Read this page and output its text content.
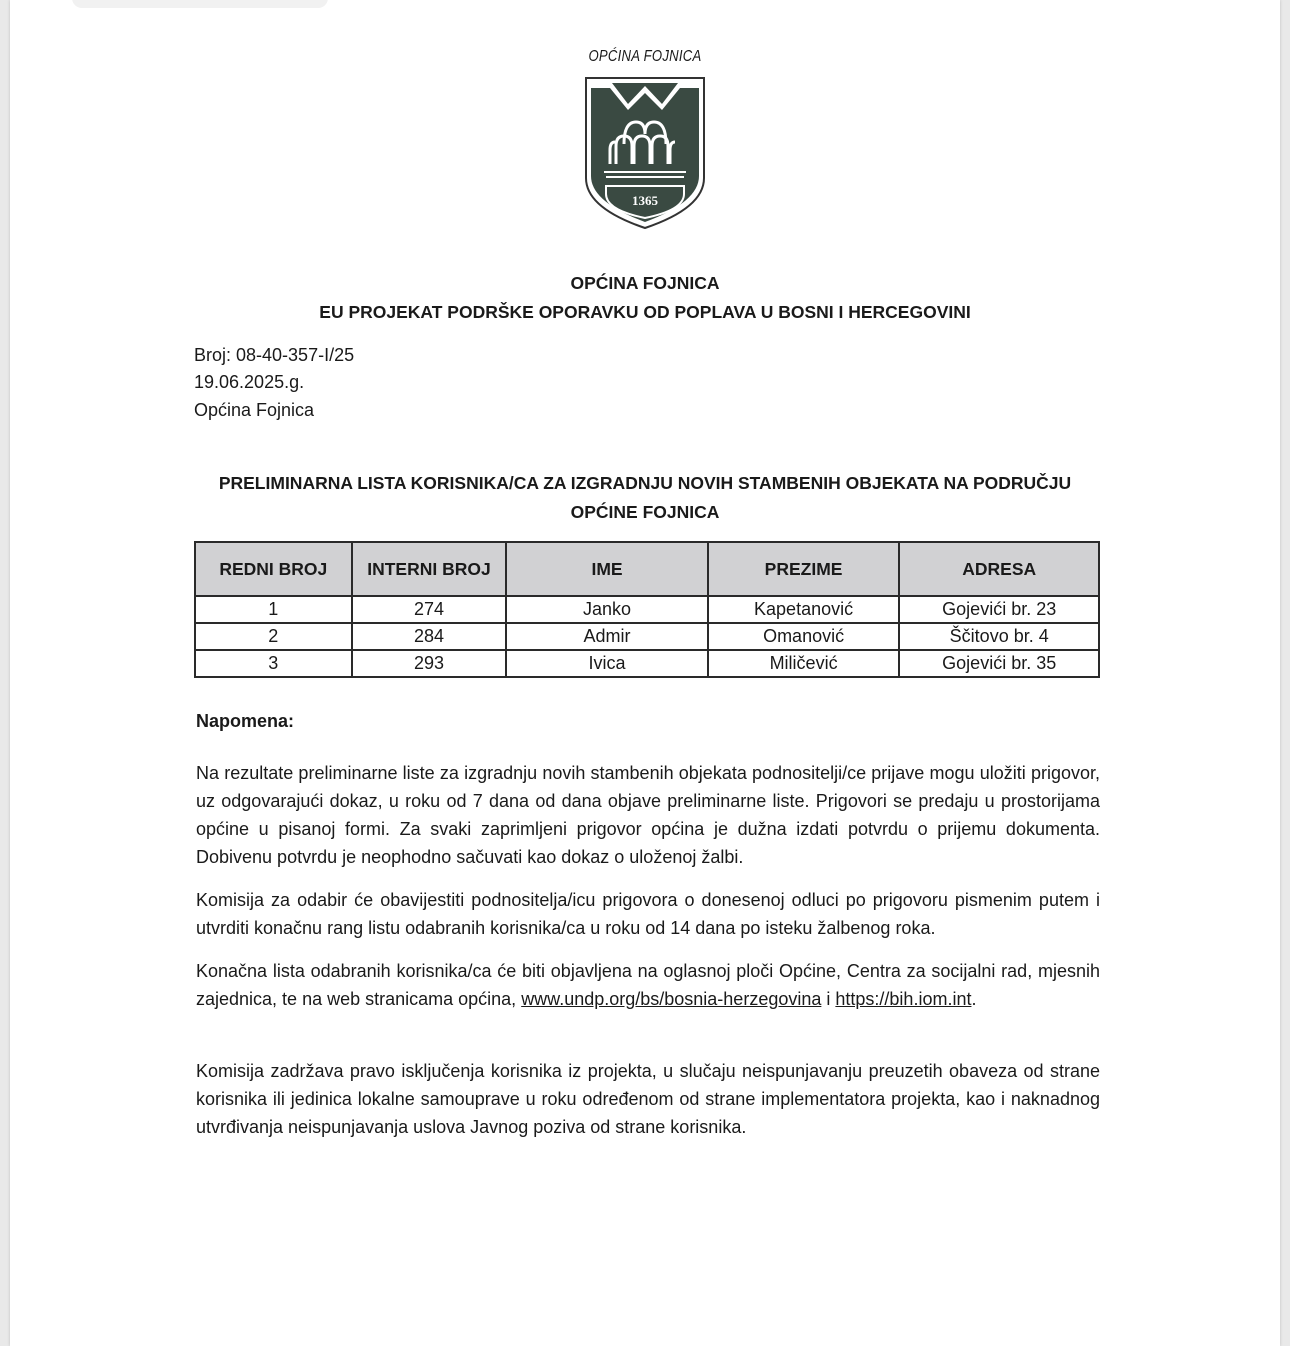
OPĆINA FOJNICA
1365
OPĆINA FOJNICA
EU PROJEKAT PODRŠKE OPORAVKU OD POPLAVA U BOSNI I HERCEGOVINI
Broj: 08-40-357-I/25
19.06.2025.g.
Općina Fojnica
PRELIMINARNA LISTA KORISNIKA/CA ZA IZGRADNJU NOVIH STAMBENIH OBJEKATA NA PODRUČJU
OPĆINE FOJNICA
REDNI BROJ	INTERNI BROJ	IME	PREZIME	ADRESA
1	274	Janko	Kapetanović	Gojevići br. 23
2	284	Admir	Omanović	Ščitovo br. 4
3	293	Ivica	Miličević	Gojevići br. 35
Napomena:
Na rezultate preliminarne liste za izgradnju novih stambenih objekata podnositelji/ce prijave mogu uložiti prigovor, uz odgovarajući dokaz, u roku od 7 dana od dana objave preliminarne liste. Prigovori se predaju u prostorijama općine u pisanoj formi. Za svaki zaprimljeni prigovor općina je dužna izdati potvrdu o prijemu dokumenta. Dobivenu potvrdu je neophodno sačuvati kao dokaz o uloženoj žalbi.
Komisija za odabir će obavijestiti podnositelja/icu prigovora o donesenoj odluci po prigovoru pismenim putem i utvrditi konačnu rang listu odabranih korisnika/ca u roku od 14 dana po isteku žalbenog roka.
Konačna lista odabranih korisnika/ca će biti objavljena na oglasnoj ploči Općine, Centra za socijalni rad, mjesnih zajednica, te na web stranicama općina, www.undp.org/bs/bosnia-herzegovina i https://bih.iom.int.
Komisija zadržava pravo isključenja korisnika iz projekta, u slučaju neispunjavanju preuzetih obaveza od strane korisnika ili jedinica lokalne samouprave u roku određenom od strane implementatora projekta, kao i naknadnog utvrđivanja neispunjavanja uslova Javnog poziva od strane korisnika.
